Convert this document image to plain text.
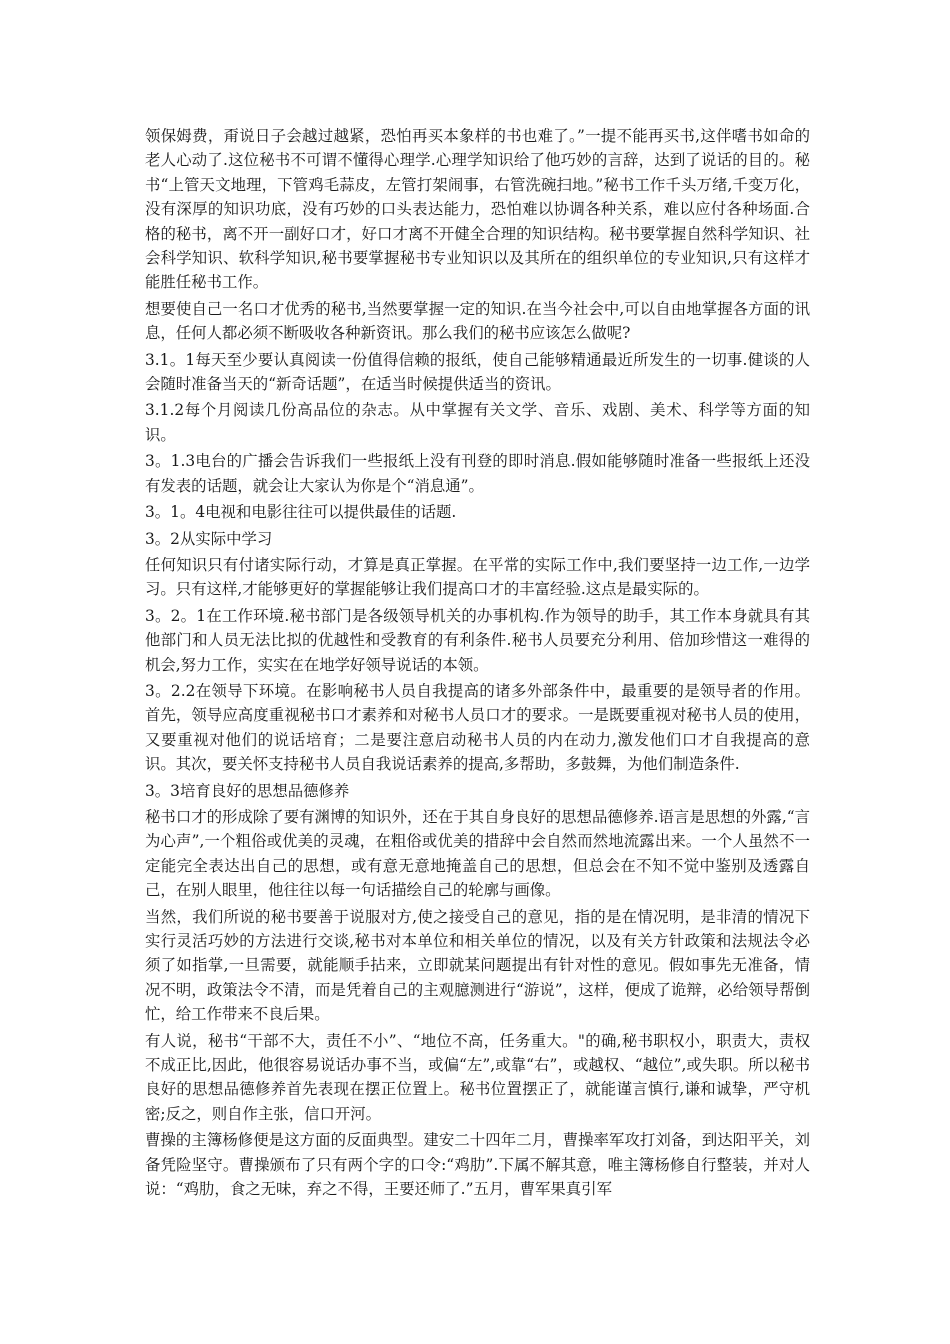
领保姆费，甭说日子会越过越紧，恐怕再买本象样的书也难了。”一提不能再买书,这伴嗜书如命的老人心动了.这位秘书不可谓不懂得心理学.心理学知识给了他巧妙的言辞，达到了说话的目的。秘书“上管天文地理，下管鸡毛蒜皮，左管打架闹事，右管洗碗扫地。”秘书工作千头万绪,千变万化，没有深厚的知识功底，没有巧妙的口头表达能力，恐怕难以协调各种关系，难以应付各种场面.合格的秘书，离不开一副好口才，好口才离不开健全合理的知识结构。秘书要掌握自然科学知识、社会科学知识、软科学知识,秘书要掌握秘书专业知识以及其所在的组织单位的专业知识,只有这样才能胜任秘书工作。

想要使自己一名口才优秀的秘书,当然要掌握一定的知识.在当今社会中,可以自由地掌握各方面的讯息，任何人都必须不断吸收各种新资讯。那么我们的秘书应该怎么做呢?

3.1。1每天至少要认真阅读一份值得信赖的报纸，使自己能够精通最近所发生的一切事.健谈的人会随时准备当天的“新奇话题”，在适当时候提供适当的资讯。

3.1.2每个月阅读几份高品位的杂志。从中掌握有关文学、音乐、戏剧、美术、科学等方面的知识。

3。1.3电台的广播会告诉我们一些报纸上没有刊登的即时消息.假如能够随时准备一些报纸上还没有发表的话题，就会让大家认为你是个“消息通”。

3。1。4电视和电影往往可以提供最佳的话题.

3。2从实际中学习

任何知识只有付诸实际行动，才算是真正掌握。在平常的实际工作中,我们要坚持一边工作,一边学习。只有这样,才能够更好的掌握能够让我们提高口才的丰富经验.这点是最实际的。

3。2。1在工作环境.秘书部门是各级领导机关的办事机构.作为领导的助手，其工作本身就具有其他部门和人员无法比拟的优越性和受教育的有利条件.秘书人员要充分利用、倍加珍惜这一难得的机会,努力工作，实实在在地学好领导说话的本领。

3。2.2在领导下环境。在影响秘书人员自我提高的诸多外部条件中，最重要的是领导者的作用。首先，领导应高度重视秘书口才素养和对秘书人员口才的要求。一是既要重视对秘书人员的使用，又要重视对他们的说话培育；二是要注意启动秘书人员的内在动力,激发他们口才自我提高的意识。其次，要关怀支持秘书人员自我说话素养的提高,多帮助，多鼓舞，为他们制造条件.

3。3培育良好的思想品德修养

秘书口才的形成除了要有渊博的知识外，还在于其自身良好的思想品德修养.语言是思想的外露,“言为心声”,一个粗俗或优美的灵魂，在粗俗或优美的措辞中会自然而然地流露出来。一个人虽然不一定能完全表达出自己的思想，或有意无意地掩盖自己的思想，但总会在不知不觉中鉴别及透露自己，在别人眼里，他往往以每一句话描绘自己的轮廓与画像。

当然，我们所说的秘书要善于说服对方,使之接受自己的意见，指的是在情况明，是非清的情况下实行灵活巧妙的方法进行交谈,秘书对本单位和相关单位的情况，以及有关方针政策和法规法令必须了如指掌,一旦需要，就能顺手拈来，立即就某问题提出有针对性的意见。假如事先无准备，情况不明，政策法令不清，而是凭着自己的主观臆测进行“游说”，这样，便成了诡辩，必给领导帮倒忙，给工作带来不良后果。

有人说，秘书“干部不大，责任不小”、“地位不高，任务重大。"的确,秘书职权小，职责大，责权不成正比,因此，他很容易说话办事不当，或偏“左”,或靠“右”，或越权、“越位”,或失职。所以秘书良好的思想品德修养首先表现在摆正位置上。秘书位置摆正了，就能谨言慎行,谦和诚挚，严守机密;反之，则自作主张，信口开河。

曹操的主簿杨修便是这方面的反面典型。建安二十四年二月，曹操率军攻打刘备，到达阳平关，刘备凭险坚守。曹操颁布了只有两个字的口令:“鸡肋”.下属不解其意，唯主簿杨修自行整装，并对人说：“鸡肋，食之无味，弃之不得，王要还师了.”五月，曹军果真引军
